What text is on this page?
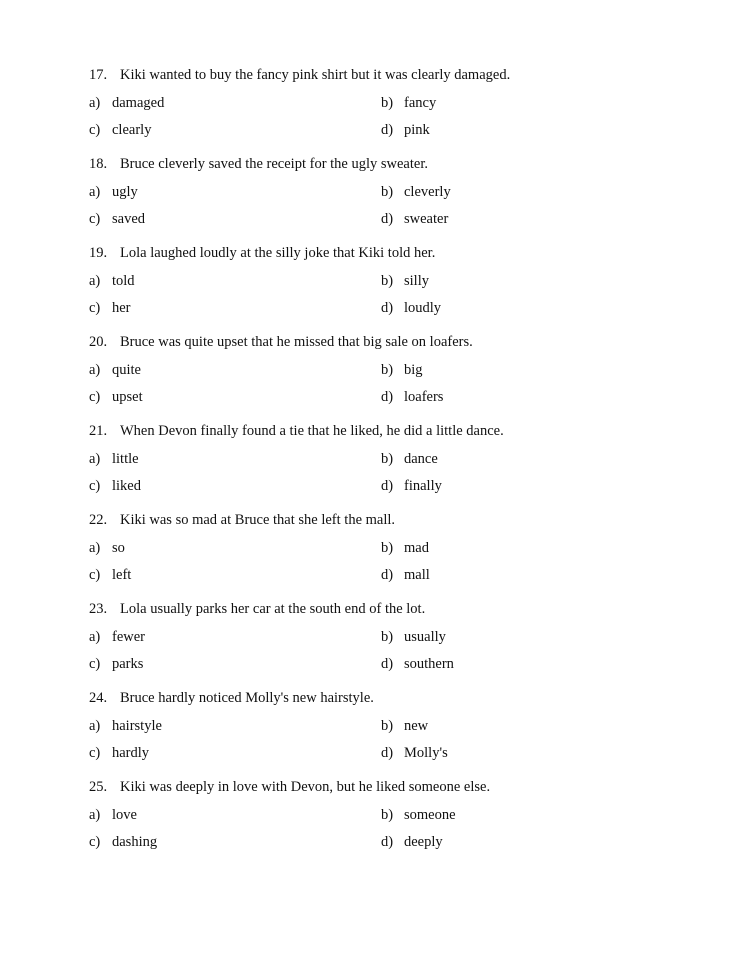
17. Kiki wanted to buy the fancy pink shirt but it was clearly damaged.
a) damaged	b) fancy
c) clearly	d) pink
18. Bruce cleverly saved the receipt for the ugly sweater.
a) ugly	b) cleverly
c) saved	d) sweater
19. Lola laughed loudly at the silly joke that Kiki told her.
a) told	b) silly
c) her	d) loudly
20. Bruce was quite upset that he missed that big sale on loafers.
a) quite	b) big
c) upset	d) loafers
21. When Devon finally found a tie that he liked, he did a little dance.
a) little	b) dance
c) liked	d) finally
22. Kiki was so mad at Bruce that she left the mall.
a) so	b) mad
c) left	d) mall
23. Lola usually parks her car at the south end of the lot.
a) fewer	b) usually
c) parks	d) southern
24. Bruce hardly noticed Molly's new hairstyle.
a) hairstyle	b) new
c) hardly	d) Molly's
25. Kiki was deeply in love with Devon, but he liked someone else.
a) love	b) someone
c) dashing	d) deeply
